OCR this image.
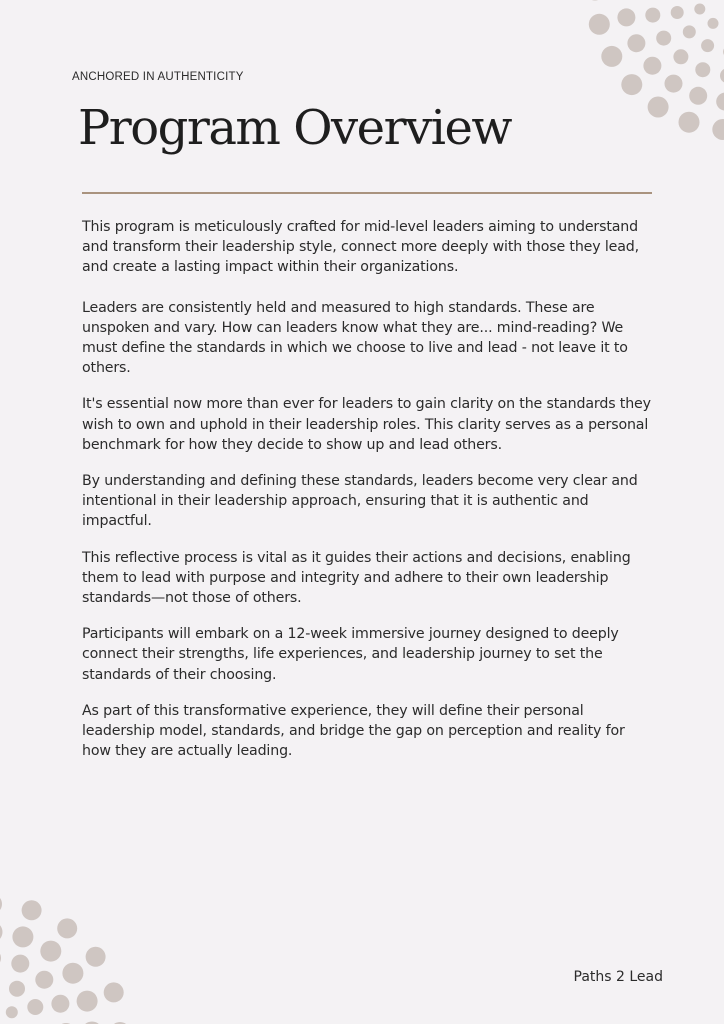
ANCHORED IN AUTHENTICITY

Program Overview

This program is meticulously crafted for mid-level leaders aiming to understand and transform their leadership style, connect more deeply with those they lead, and create a lasting impact within their organizations.

Leaders are consistently held and measured to high standards. These are unspoken and vary. How can leaders know what they are... mind-reading? We must define the standards in which we choose to live and lead - not leave it to others.

It's essential now more than ever for leaders to gain clarity on the standards they wish to own and uphold in their leadership roles. This clarity serves as a personal benchmark for how they decide to show up and lead others.

By understanding and defining these standards, leaders become very clear and intentional in their leadership approach, ensuring that it is authentic and impactful.

This reflective process is vital as it guides their actions and decisions, enabling them to lead with purpose and integrity and adhere to their own leadership standards—not those of others.

Participants will embark on a 12-week immersive journey designed to deeply connect their strengths, life experiences, and leadership journey to set the standards of their choosing.

As part of this transformative experience, they will define their personal leadership model, standards, and bridge the gap on perception and reality for how they are actually leading.

Paths 2 Lead
